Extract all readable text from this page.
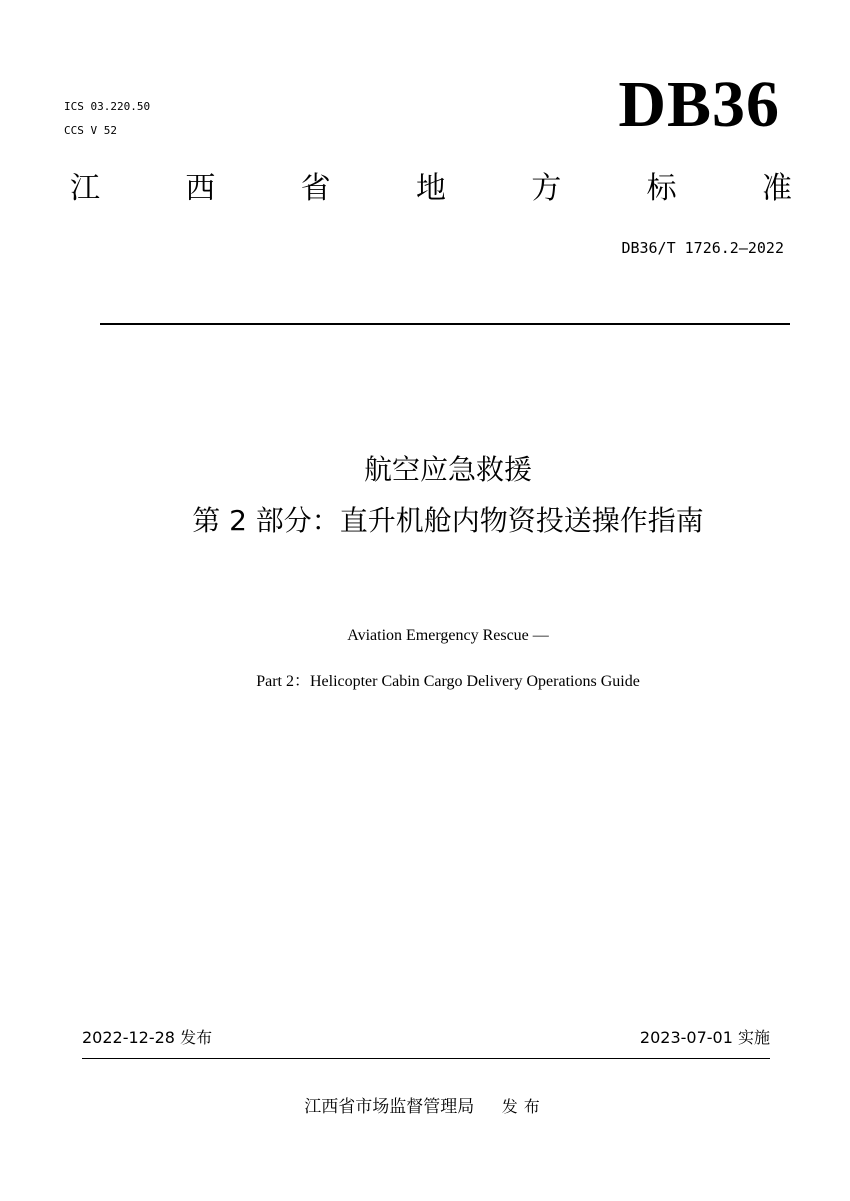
ICS 03.220.50
CCS V 52	DB36
江	西	省	地	方	标	准
DB36/T 1726.2—2022
航空应急救援
第 2 部分：直升机舱内物资投送操作指南
Aviation Emergency Rescue —
Part 2：Helicopter Cabin Cargo Delivery Operations Guide
2022-12-28 发布	2023-07-01 实施
江西省市场监督管理局 发布
